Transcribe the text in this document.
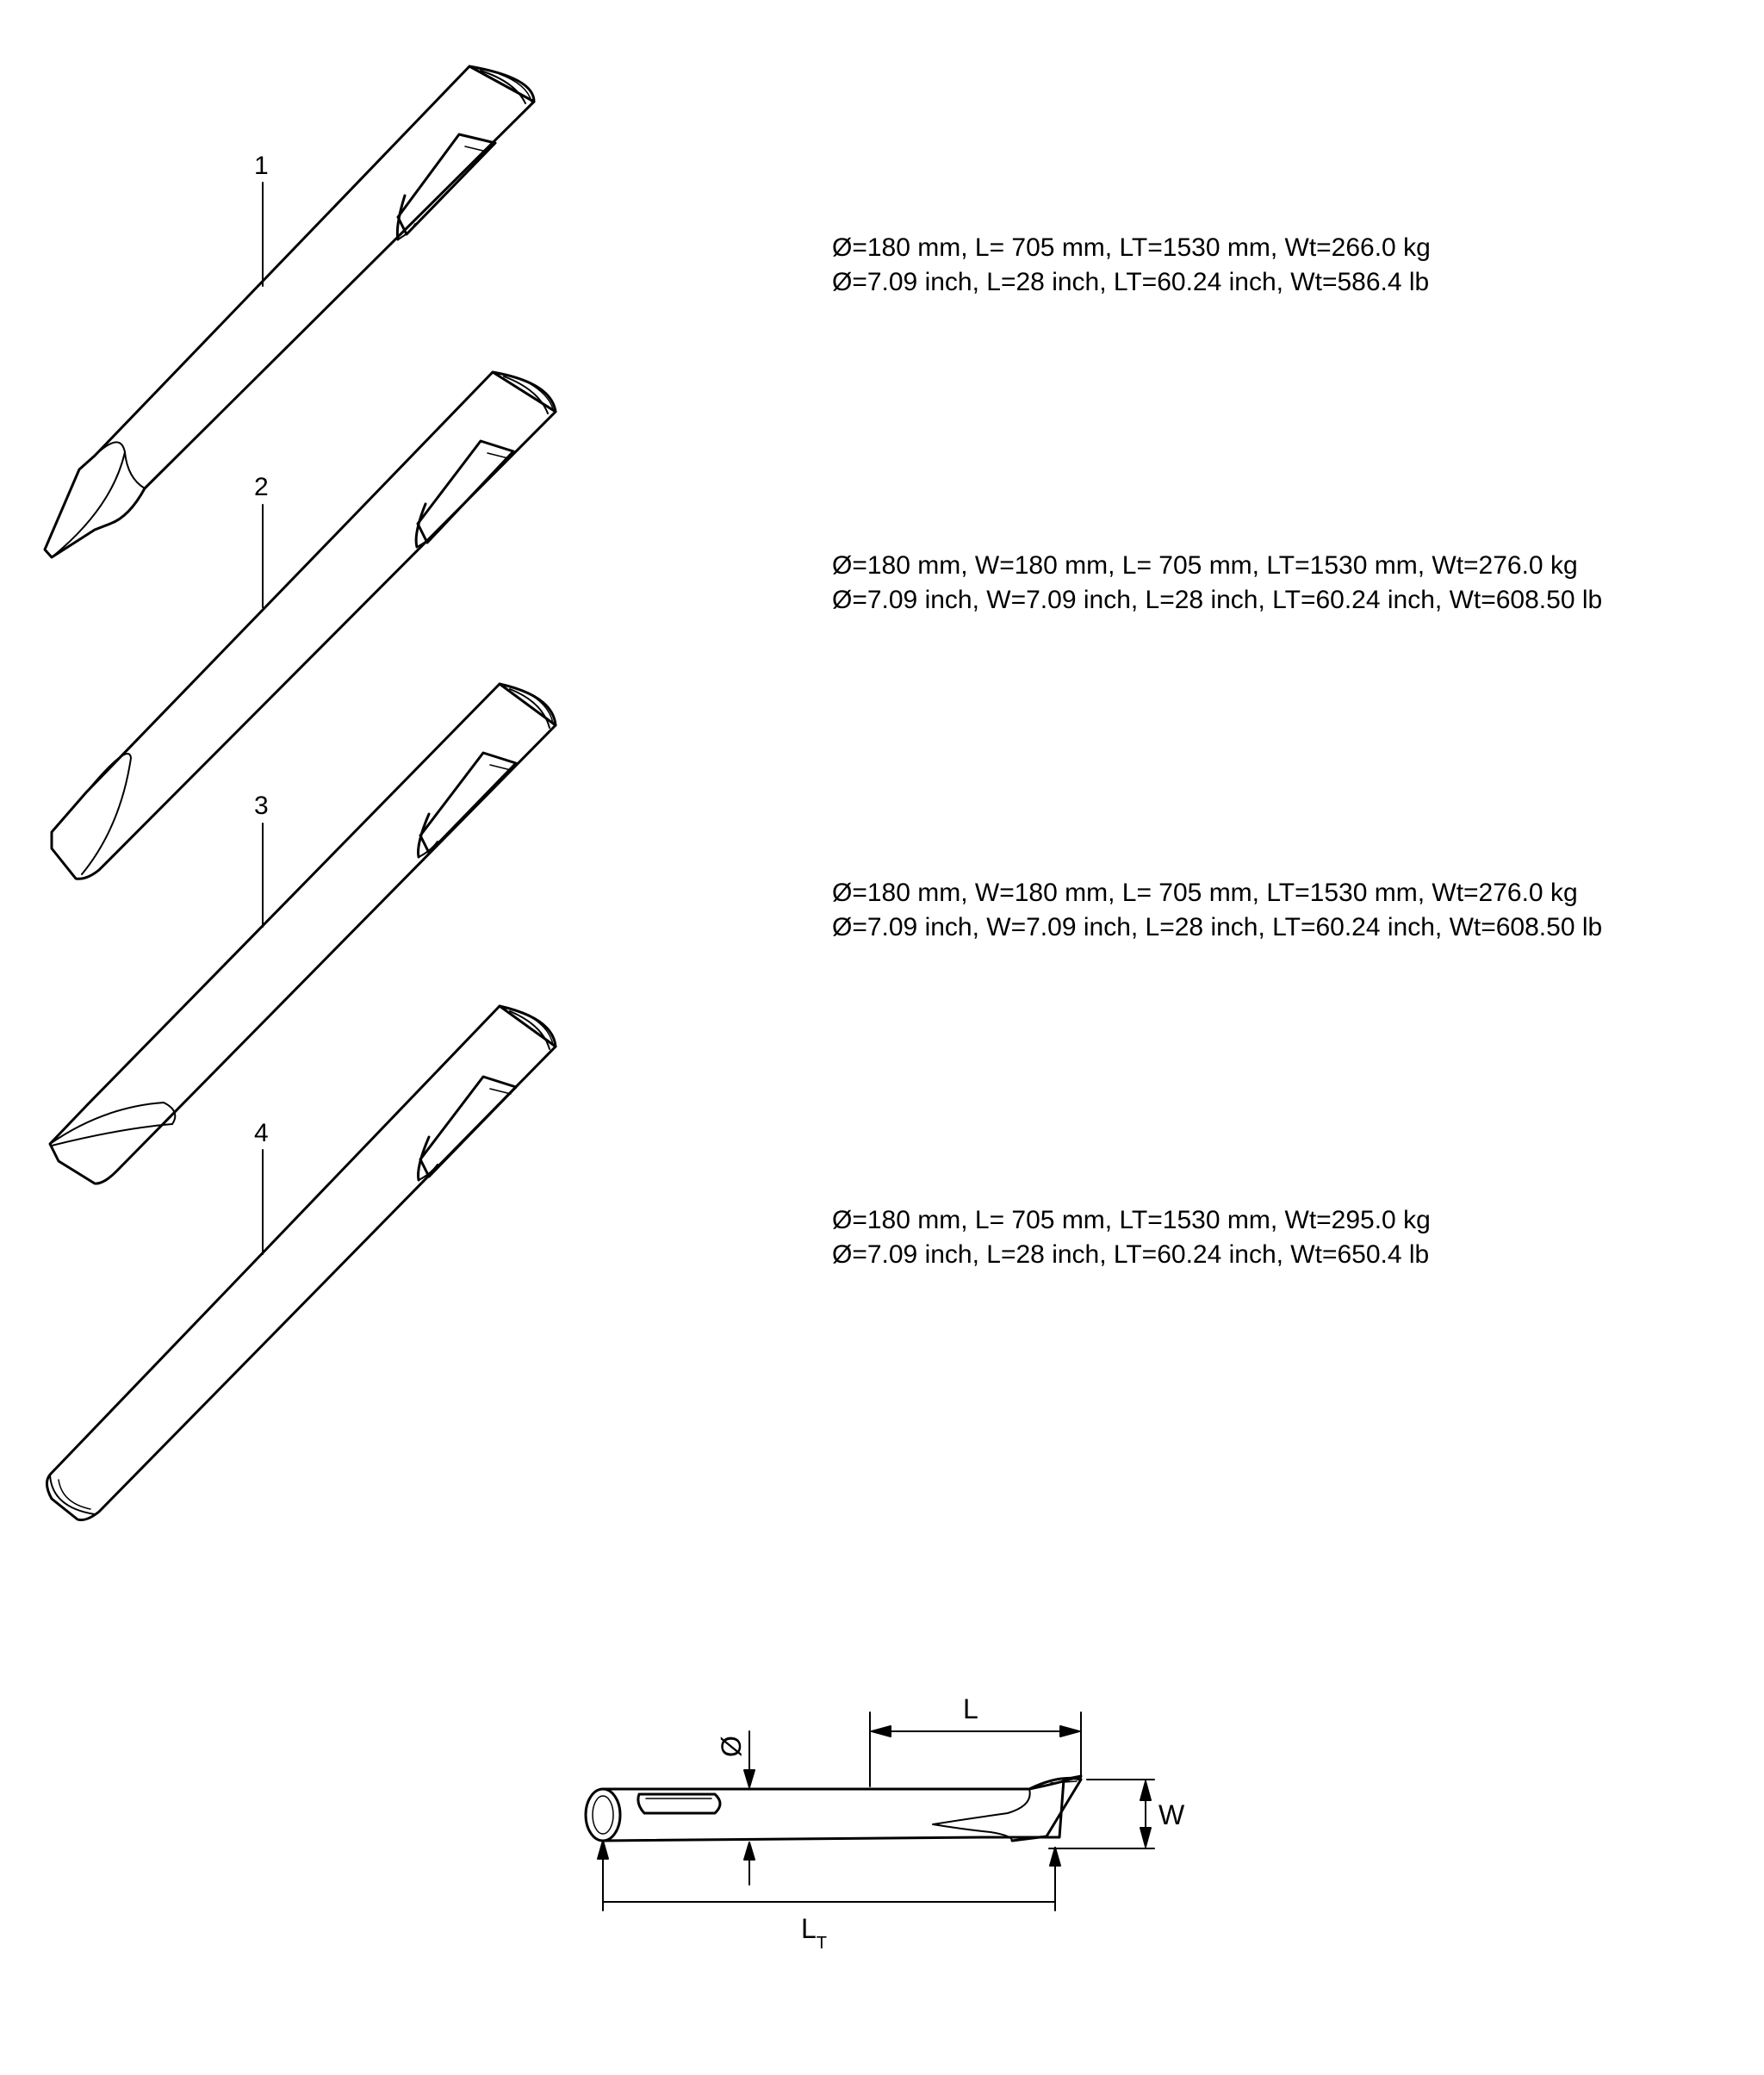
1
2
3
4
L
Ø
W
$L_T$
Ø=180 mm, L= 705 mm, LT=1530 mm, Wt=266.0 kg
Ø=7.09 inch, L=28 inch, LT=60.24 inch, Wt=586.4 lb
Ø=180 mm, W=180 mm, L= 705 mm, LT=1530 mm, Wt=276.0 kg
Ø=7.09 inch, W=7.09 inch, L=28 inch, LT=60.24 inch, Wt=608.50 lb
Ø=180 mm, W=180 mm, L= 705 mm, LT=1530 mm, Wt=276.0 kg
Ø=7.09 inch, W=7.09 inch, L=28 inch, LT=60.24 inch, Wt=608.50 lb
Ø=180 mm, L= 705 mm, LT=1530 mm, Wt=295.0 kg
Ø=7.09 inch, L=28 inch, LT=60.24 inch, Wt=650.4 lb
